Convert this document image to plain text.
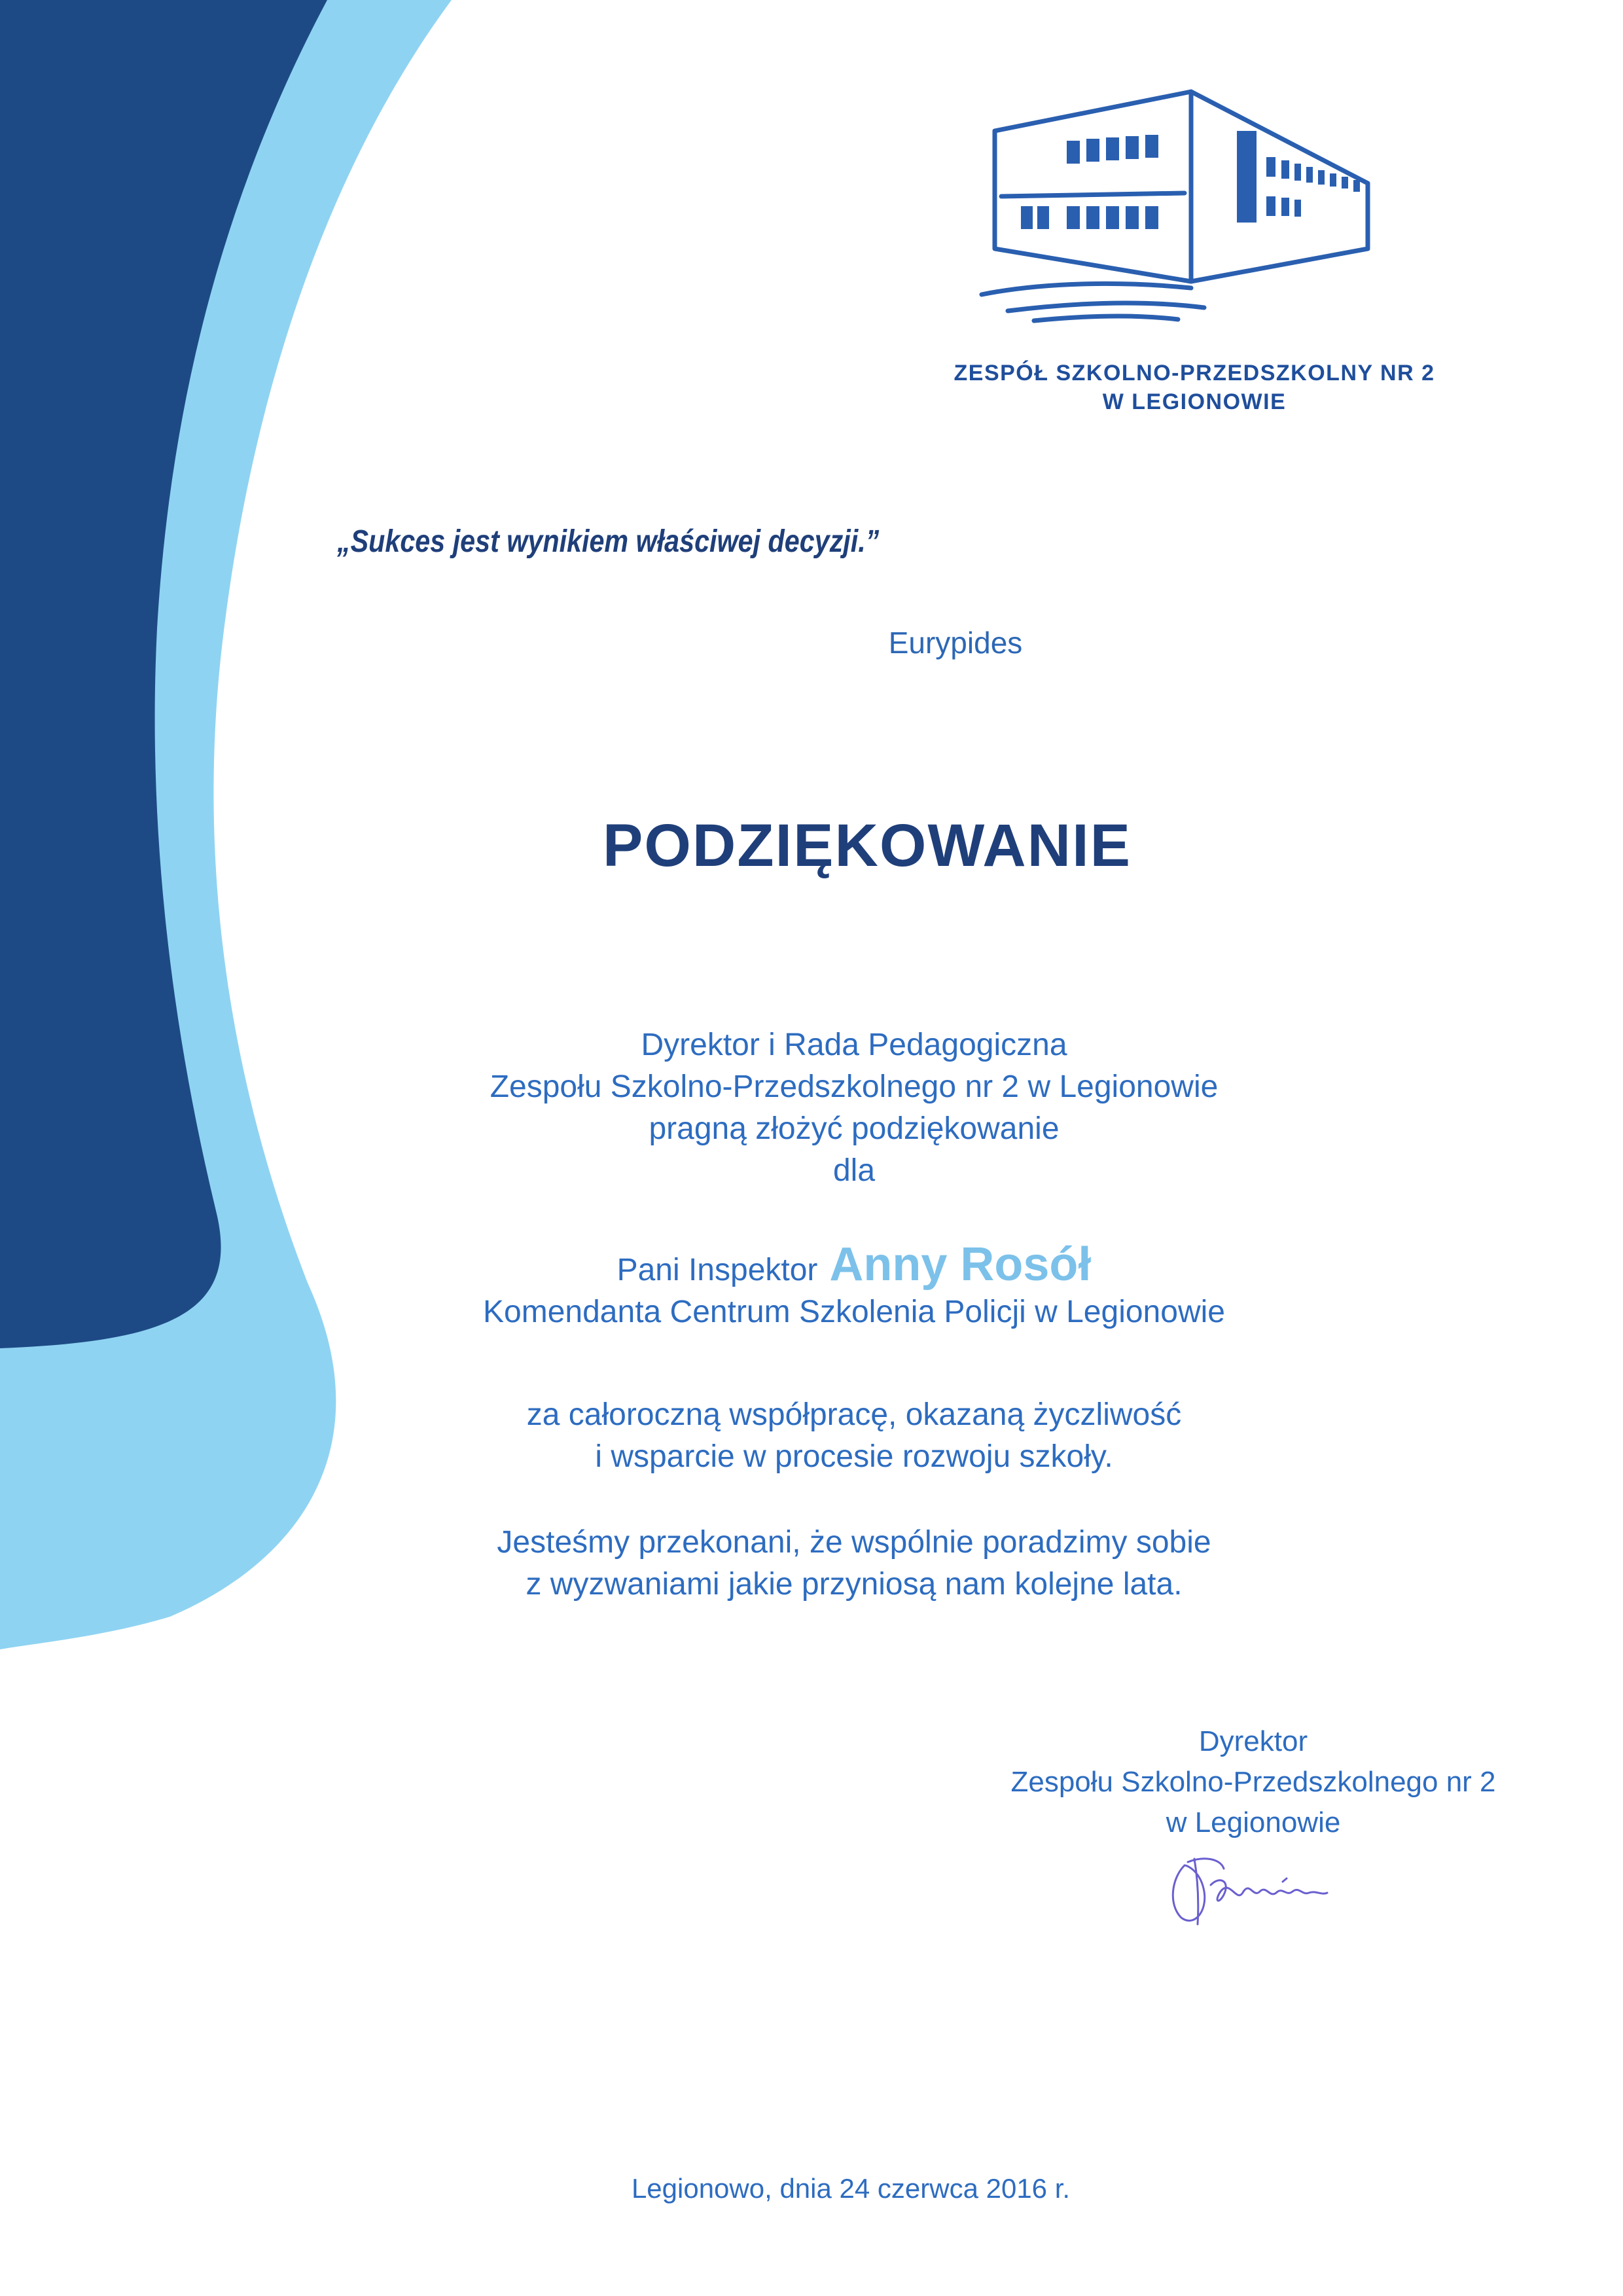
ZESPÓŁ SZKOLNO-PRZEDSZKOLNY NR 2
W LEGIONOWIE
„Sukces jest wynikiem właściwej decyzji.”
Eurypides
PODZIĘKOWANIE
Dyrektor i Rada Pedagogiczna
Zespołu Szkolno-Przedszkolnego nr 2 w Legionowie
pragną złożyć podziękowanie
dla
Pani Inspektor Anny Rosół
Komendanta Centrum Szkolenia Policji w Legionowie
za całoroczną współpracę, okazaną życzliwość
i wsparcie w procesie rozwoju szkoły.
Jesteśmy przekonani, że wspólnie poradzimy sobie
z wyzwaniami jakie przyniosą nam kolejne lata.
Dyrektor
Zespołu Szkolno-Przedszkolnego nr 2
w Legionowie
Legionowo, dnia 24 czerwca 2016 r.
